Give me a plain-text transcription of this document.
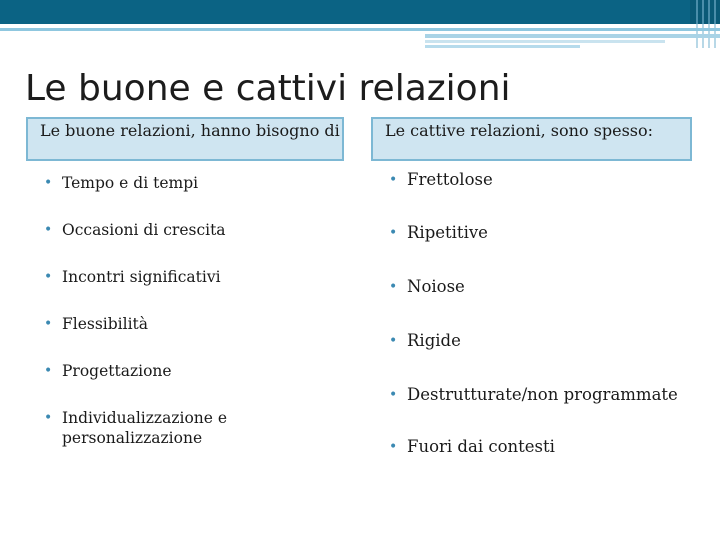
Le buone e cattivi relazioni
Le buone relazioni, hanno bisogno di	Le cattive relazioni, sono spesso:
• Tempo e di tempi
• Occasioni di crescita
• Incontri significativi
• Flessibilità
• Progettazione
• Individualizzazione e personalizzazione
• Frettolose
• Ripetitive
• Noiose
• Rigide
• Destrutturate/non programmate
• Fuori dai contesti
